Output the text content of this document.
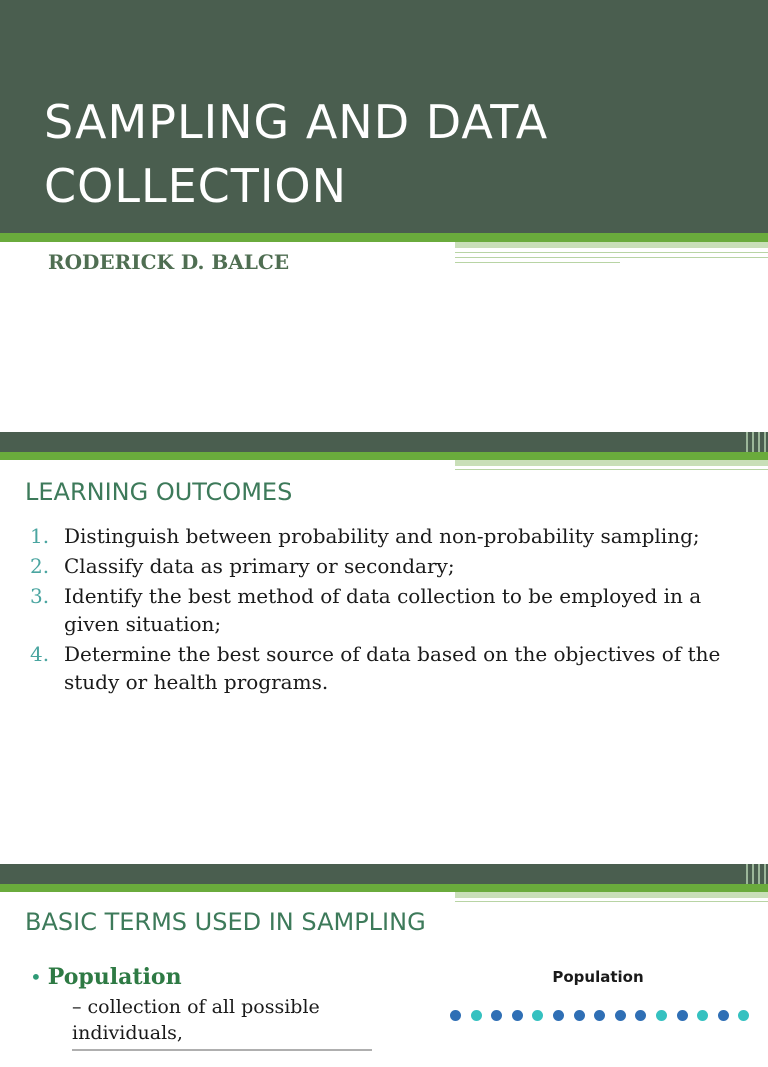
SAMPLING AND DATA
COLLECTION

RODERICK D. BALCE

LEARNING OUTCOMES
1. Distinguish between probability and non-probability sampling;
2. Classify data as primary or secondary;
3. Identify the best method of data collection to be employed in a given situation;
4. Determine the best source of data based on the objectives of the study or health programs.
BASIC TERMS USED IN SAMPLING
• Population
– collection of all possible individuals,

Population
